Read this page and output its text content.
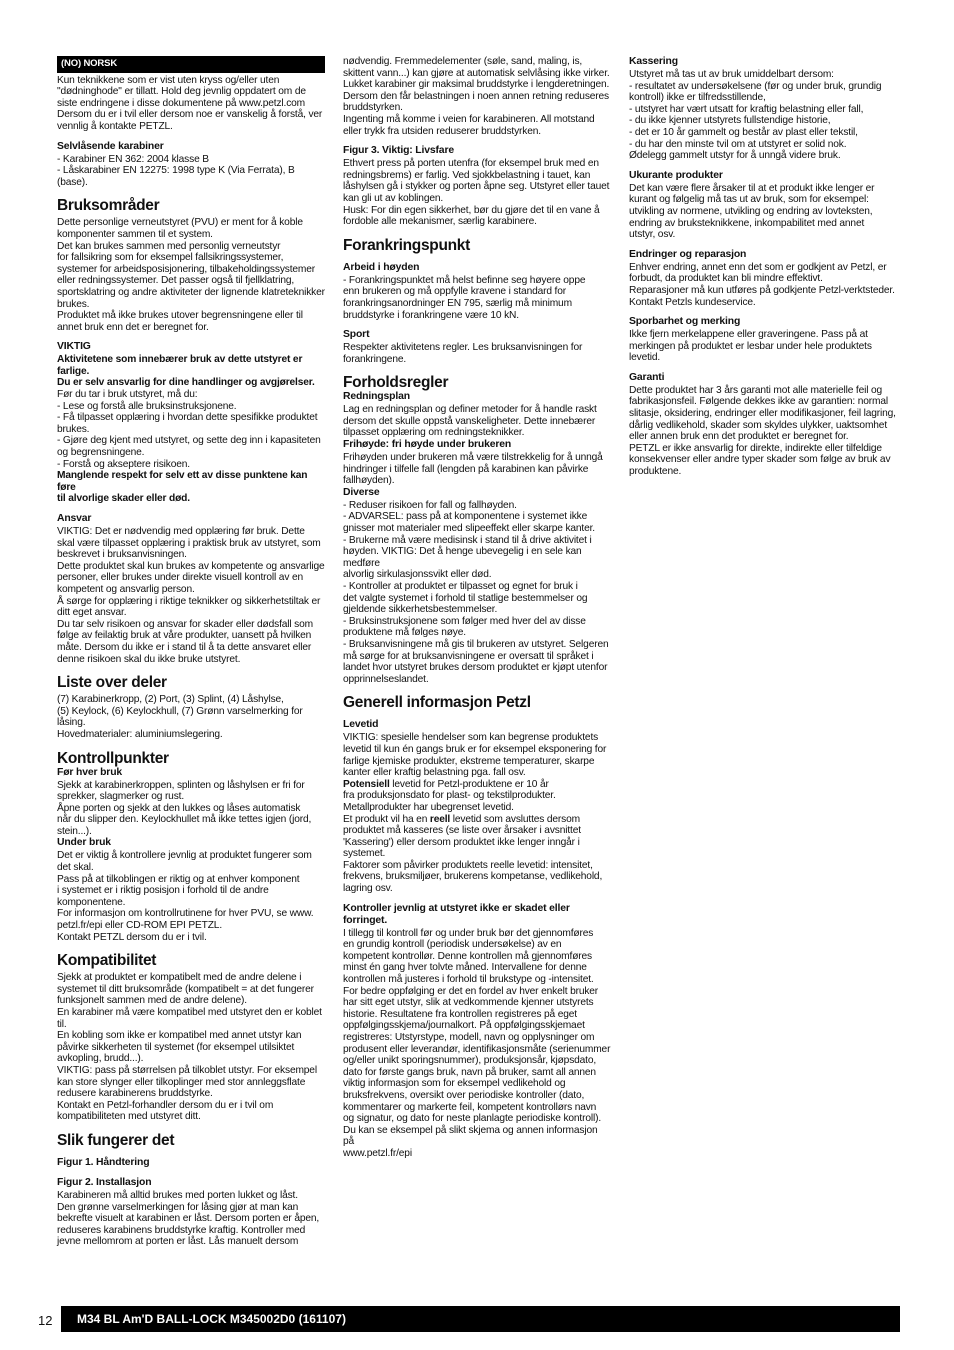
(NO) NORSK

Kun teknikkene som er vist uten kryss og/eller uten
"dødninghode" er tillatt. Hold deg jevnlig oppdatert om de
siste endringene i disse dokumentene på www.petzl.com
Dersom du er i tvil eller dersom noe er vanskelig å forstå, ver
vennlig å kontakte PETZL.

Selvlåsende karabiner

- Karabiner EN 362: 2004 klasse B
- Låskarabiner EN 12275: 1998 type K (Via Ferrata), B (base).

Bruksområder

Dette personlige verneutstyret (PVU) er ment for å koble
komponenter sammen til et system.
Det kan brukes sammen med personlig verneutstyr
for fallsikring som for eksempel fallsikringssystemer,
systemer for arbeidsposisjonering, tilbakeholdingssystemer
eller redningssystemer. Det passer også til fjellklatring,
sportsklatring og andre aktiviteter der lignende klatreteknikker
brukes.
Produktet må ikke brukes utover begrensningene eller til
annet bruk enn det er beregnet for.

VIKTIG

Aktivitetene som innebærer bruk av dette utstyret er farlige.
Du er selv ansvarlig for dine handlinger og avgjørelser.

Før du tar i bruk utstyret, må du:
- Lese og forstå alle bruksinstruksjonene.
- Få tilpasset opplæring i hvordan dette spesifikke produktet
brukes.
- Gjøre deg kjent med utstyret, og sette deg inn i kapasiteten
og begrensningene.
- Forstå og akseptere risikoen.

Manglende respekt for selv ett av disse punktene kan føre
til alvorlige skader eller død.

Ansvar

VIKTIG: Det er nødvendig med opplæring før bruk. Dette
skal være tilpasset opplæring i praktisk bruk av utstyret, som
beskrevet i bruksanvisningen.
Dette produktet skal kun brukes av kompetente og ansvarlige
personer, eller brukes under direkte visuell kontroll av en
kompetent og ansvarlig person.
Å sørge for opplæring i riktige teknikker og sikkerhetstiltak er
ditt eget ansvar.
Du tar selv risikoen og ansvar for skader eller dødsfall som
følge av feilaktig bruk at våre produkter, uansett på hvilken
måte. Dersom du ikke er i stand til å ta dette ansvaret eller
denne risikoen skal du ikke bruke utstyret.

Liste over deler

(7) Karabinerkropp, (2) Port, (3) Splint, (4) Låshylse,
(5) Keylock, (6) Keylockhull, (7) Grønn varselmerking for
låsing.
Hovedmaterialer: aluminiumslegering.

Kontrollpunkter
Før hver bruk

Sjekk at karabinerkroppen, splinten og låshylsen er fri for
sprekker, slagmerker og rust.
Åpne porten og sjekk at den lukkes og låses automatisk
når du slipper den. Keylockhullet må ikke tettes igjen (jord,
stein...).

Under bruk

Det er viktig å kontrollere jevnlig at produktet fungerer som
det skal.
Pass på at tilkoblingen er riktig og at enhver komponent
i systemet er i riktig posisjon i forhold til de andre
komponentene.
For informasjon om kontrollrutinene for hver PVU, se www.
petzl.fr/epi eller CD-ROM EPI PETZL.
Kontakt PETZL dersom du er i tvil.

Kompatibilitet

Sjekk at produktet er kompatibelt med de andre delene i
systemet til ditt bruksområde (kompatibelt = at det fungerer
funksjonelt sammen med de andre delene).
En karabiner må være kompatibel med utstyret den er koblet
til.
En kobling som ikke er kompatibel med annet utstyr kan
påvirke sikkerheten til systemet (for eksempel utilsiktet
avkopling, brudd...).
VIKTIG: pass på størrelsen på tilkoblet utstyr. For eksempel
kan store slynger eller tilkoplinger med stor annleggsflate
redusere karabinerens bruddstyrke.
Kontakt en Petzl-forhandler dersom du er i tvil om
kompatibiliteten med utstyret ditt.

Slik fungerer det
Figur 1. Håndtering
Figur 2. Installasjon

Karabineren må alltid brukes med porten lukket og låst.
Den grønne varselmerkingen for låsing gjør at man kan
bekrefte visuelt at karabinen er låst. Dersom porten er åpen,
reduseres karabinens bruddstyrke kraftig. Kontroller med
jevne mellomrom at porten er låst. Lås manuelt dersom

nødvendig. Fremmedelementer (søle, sand, maling, is,
skittent vann...) kan gjøre at automatisk selvlåsing ikke virker.
Lukket karabiner gir maksimal bruddstyrke i lengderetningen.
Dersom den får belastningen i noen annen retning reduseres
bruddstyrken.
Ingenting må komme i veien for karabineren. All motstand
eller trykk fra utsiden reduserer bruddstyrken.

Figur 3. Viktig: Livsfare

Ethvert press på porten utenfra (for eksempel bruk med en
redningsbrems) er farlig. Ved sjokkbelastning i tauet, kan
låshylsen gå i stykker og porten åpne seg. Utstyret eller tauet
kan gli ut av koblingen.
Husk: For din egen sikkerhet, bør du gjøre det til en vane å
fordoble alle mekanismer, særlig karabinere.

Forankringspunkt
Arbeid i høyden

- Forankringspunktet må helst befinne seg høyere oppe
enn brukeren og må oppfylle kravene i standard for
forankringsanordninger EN 795, særlig må minimum
bruddstyrke i forankringene være 10 kN.

Sport

Respekter aktivitetens regler. Les bruksanvisningen for
forankringene.

Forholdsregler
Redningsplan

Lag en redningsplan og definer metoder for å handle raskt
dersom det skulle oppstå vanskeligheter. Dette innebærer
tilpasset opplæring om redningsteknikker.

Frihøyde: fri høyde under brukeren

Frihøyden under brukeren må være tilstrekkelig for å unngå
hindringer i tilfelle fall (lengden på karabinen kan påvirke
fallhøyden).

Diverse

- Reduser risikoen for fall og fallhøyden.
- ADVARSEL: pass på at komponentene i systemet ikke
gnisser mot materialer med slipeeffekt eller skarpe kanter.
- Brukerne må være medisinsk i stand til å drive aktivitet i
høyden. VIKTIG: Det å henge ubevegelig i en sele kan medføre
alvorlig sirkulasjonssvikt eller død.
- Kontroller at produktet er tilpasset og egnet for bruk i
det valgte systemet i forhold til statlige bestemmelser og
gjeldende sikkerhetsbestemmelser.
- Bruksinstruksjonene som følger med hver del av disse
produktene må følges nøye.
- Bruksanvisningene må gis til brukeren av utstyret. Selgeren
må sørge for at bruksanvisningene er oversatt til språket i
landet hvor utstyret brukes dersom produktet er kjøpt utenfor
opprinnelseslandet.

Generell informasjon Petzl
Levetid

VIKTIG: spesielle hendelser som kan begrense produktets
levetid til kun én gangs bruk er for eksempel eksponering for
farlige kjemiske produkter, ekstreme temperaturer, skarpe
kanter eller kraftig belastning pga. fall osv.
Potensiell levetid for Petzl-produktene er 10 år
fra produksjonsdato for plast- og tekstilprodukter.
Metallprodukter har ubegrenset levetid.
Et produkt vil ha en reell levetid som avsluttes dersom
produktet må kasseres (se liste over årsaker i avsnittet
'Kassering') eller dersom produktet ikke lenger inngår i
systemet.
Faktorer som påvirker produktets reelle levetid: intensitet,
frekvens, bruksmiljøer, brukerens kompetanse, vedlikehold,
lagring osv.

Kontroller jevnlig at utstyret ikke er skadet eller
forringet.

I tillegg til kontroll før og under bruk bør det gjennomføres
en grundig kontroll (periodisk undersøkelse) av en
kompetent kontrollør. Denne kontrollen må gjennomføres
minst én gang hver tolvte måned. Intervallene for denne
kontrollen må justeres i forhold til brukstype og -intensitet.
For bedre oppfølging er det en fordel av hver enkelt bruker
har sitt eget utstyr, slik at vedkommende kjenner utstyrets
historie. Resultatene fra kontrollen registreres på eget
oppfølgingsskjema/journalkort. På oppfølgingsskjemaet
registreres: Utstyrstype, modell, navn og opplysninger om
produsent eller leverandør, identifikasjonsmåte (serienummer
og/eller unikt sporingsnummer), produksjonsår, kjøpsdato,
dato for første gangs bruk, navn på bruker, samt all annen
viktig informasjon som for eksempel vedlikehold og
bruksfrekvens, oversikt over periodiske kontroller (dato,
kommentarer og markerte feil, kompetent kontrollørs navn
og signatur, og dato for neste planlagte periodiske kontroll).
Du kan se eksempel på slikt skjema og annen informasjon på
www.petzl.fr/epi

Kassering

Utstyret må tas ut av bruk umiddelbart dersom:
- resultatet av undersøkelsene (før og under bruk, grundig
kontroll) ikke er tilfredsstillende,
- utstyret har vært utsatt for kraftig belastning eller fall,
- du ikke kjenner utstyrets fullstendige historie,
- det er 10 år gammelt og består av plast eller tekstil,
- du har den minste tvil om at utstyret er solid nok.
Ødelegg gammelt utstyr for å unngå videre bruk.

Ukurante produkter

Det kan være flere årsaker til at et produkt ikke lenger er
kurant og følgelig må tas ut av bruk, som for eksempel:
utvikling av normene, utvikling og endring av lovteksten,
endring av bruksteknikkene, inkompabilitet med annet
utstyr, osv.

Endringer og reparasjon

Enhver endring, annet enn det som er godkjent av Petzl, er
forbudt, da produktet kan bli mindre effektivt.
Reparasjoner må kun utføres på godkjente Petzl-verktsteder.
Kontakt Petzls kundeservice.

Sporbarhet og merking

Ikke fjern merkelappene eller graveringene. Pass på at
merkingen på produktet er lesbar under hele produktets
levetid.

Garanti

Dette produktet har 3 års garanti mot alle materielle feil og
fabrikasjonsfeil. Følgende dekkes ikke av garantien: normal
slitasje, oksidering, endringer eller modifikasjoner, feil lagring,
dårlig vedlikehold, skader som skyldes ulykker, uaktsomhet
eller annen bruk enn det produktet er beregnet for.
PETZL er ikke ansvarlig for direkte, indirekte eller tilfeldige
konsekvenser eller andre typer skader som følge av bruk av
produktene.

12	M34 BL Am'D BALL-LOCK M345002D0 (161107)
